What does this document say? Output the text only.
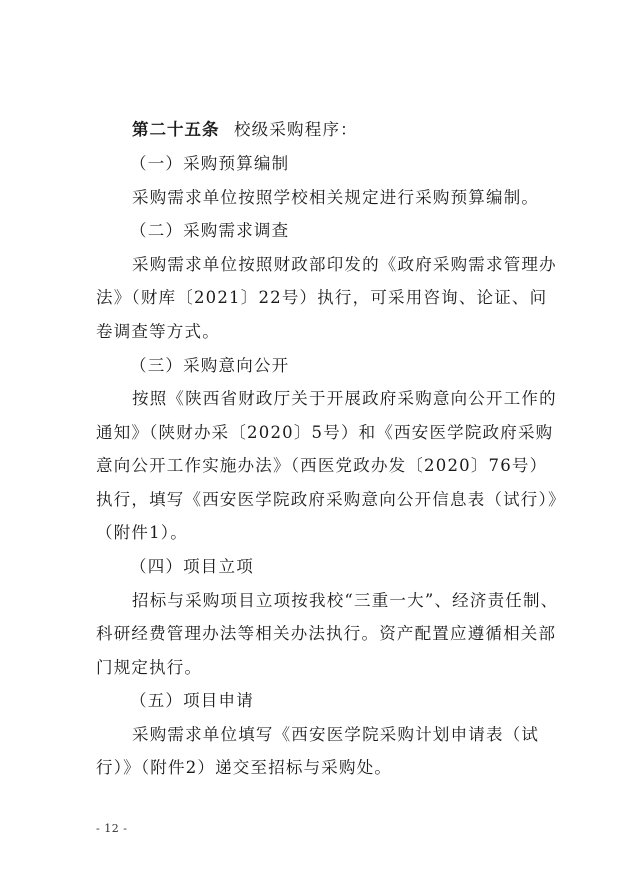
第二十五条 校级采购程序：
（一）采购预算编制
采购需求单位按照学校相关规定进行采购预算编制。
（二）采购需求调查
采购需求单位按照财政部印发的《政府采购需求管理办
法》（财库〔2021〕22号）执行，可采用咨询、论证、问
卷调查等方式。
（三）采购意向公开
按照《陕西省财政厅关于开展政府采购意向公开工作的
通知》（陕财办采〔2020〕5号）和《西安医学院政府采购
意向公开工作实施办法》（西医党政办发〔2020〕76号）
执行，填写《西安医学院政府采购意向公开信息表（试行）》
（附件1）。
（四）项目立项
招标与采购项目立项按我校“三重一大”、经济责任制、
科研经费管理办法等相关办法执行。资产配置应遵循相关部
门规定执行。
（五）项目申请
采购需求单位填写《西安医学院采购计划申请表（试
行）》（附件2）递交至招标与采购处。
- 12 -
